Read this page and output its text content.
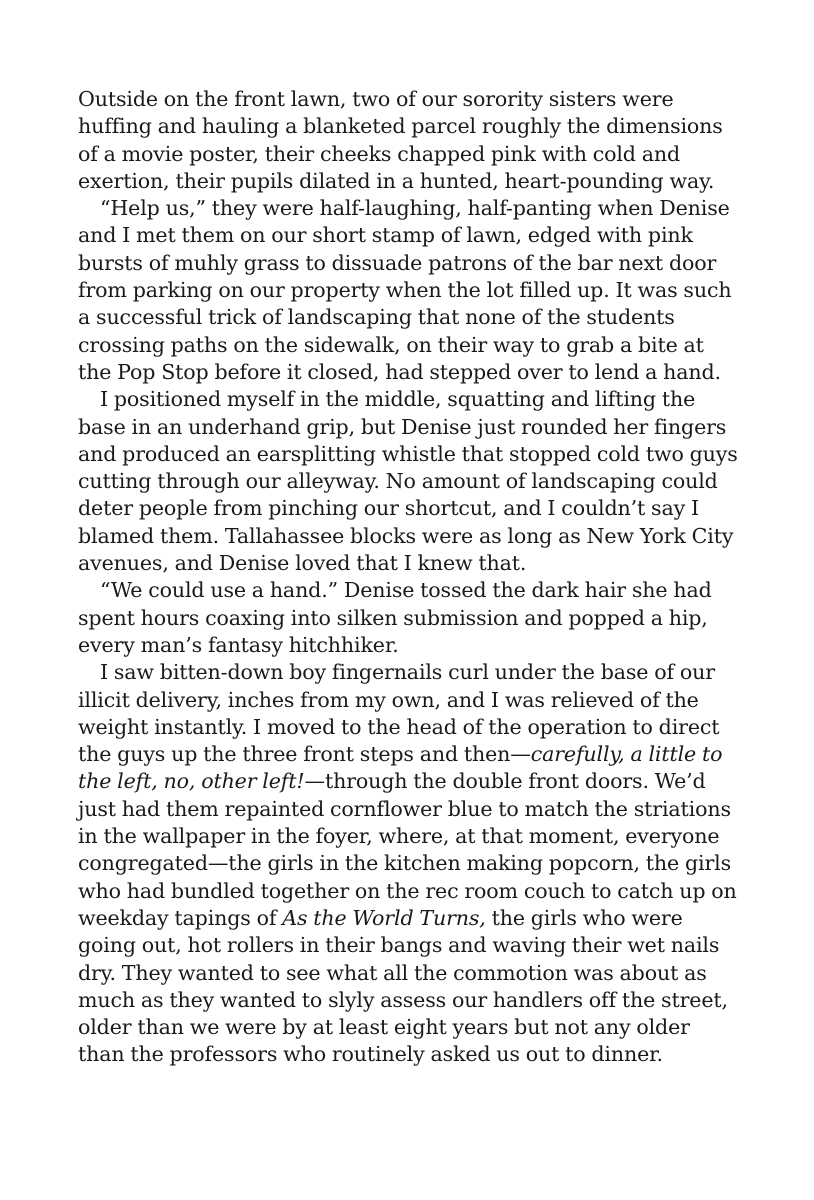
Outside on the front lawn, two of our sorority sisters were huffing and hauling a blanketed parcel roughly the dimensions of a movie poster, their cheeks chapped pink with cold and exertion, their pupils dilated in a hunted, heart-pounding way.

“Help us,” they were half-laughing, half-panting when Denise and I met them on our short stamp of lawn, edged with pink bursts of muhly grass to dissuade patrons of the bar next door from parking on our property when the lot filled up. It was such a successful trick of landscaping that none of the students crossing paths on the sidewalk, on their way to grab a bite at the Pop Stop before it closed, had stepped over to lend a hand.

I positioned myself in the middle, squatting and lifting the base in an underhand grip, but Denise just rounded her fingers and produced an earsplitting whistle that stopped cold two guys cutting through our alleyway. No amount of landscaping could deter people from pinching our shortcut, and I couldn’t say I blamed them. Tallahassee blocks were as long as New York City avenues, and Denise loved that I knew that.

“We could use a hand.” Denise tossed the dark hair she had spent hours coaxing into silken submission and popped a hip, every man’s fantasy hitchhiker.

I saw bitten-down boy fingernails curl under the base of our illicit delivery, inches from my own, and I was relieved of the weight instantly. I moved to the head of the operation to direct the guys up the three front steps and then—carefully, a little to the left, no, other left!—through the double front doors. We’d just had them repainted cornflower blue to match the striations in the wallpaper in the foyer, where, at that moment, everyone congregated—the girls in the kitchen making popcorn, the girls who had bundled together on the rec room couch to catch up on weekday tapings of As the World Turns, the girls who were going out, hot rollers in their bangs and waving their wet nails dry. They wanted to see what all the commotion was about as much as they wanted to slyly assess our handlers off the street, older than we were by at least eight years but not any older than the professors who routinely asked us out to dinner.
